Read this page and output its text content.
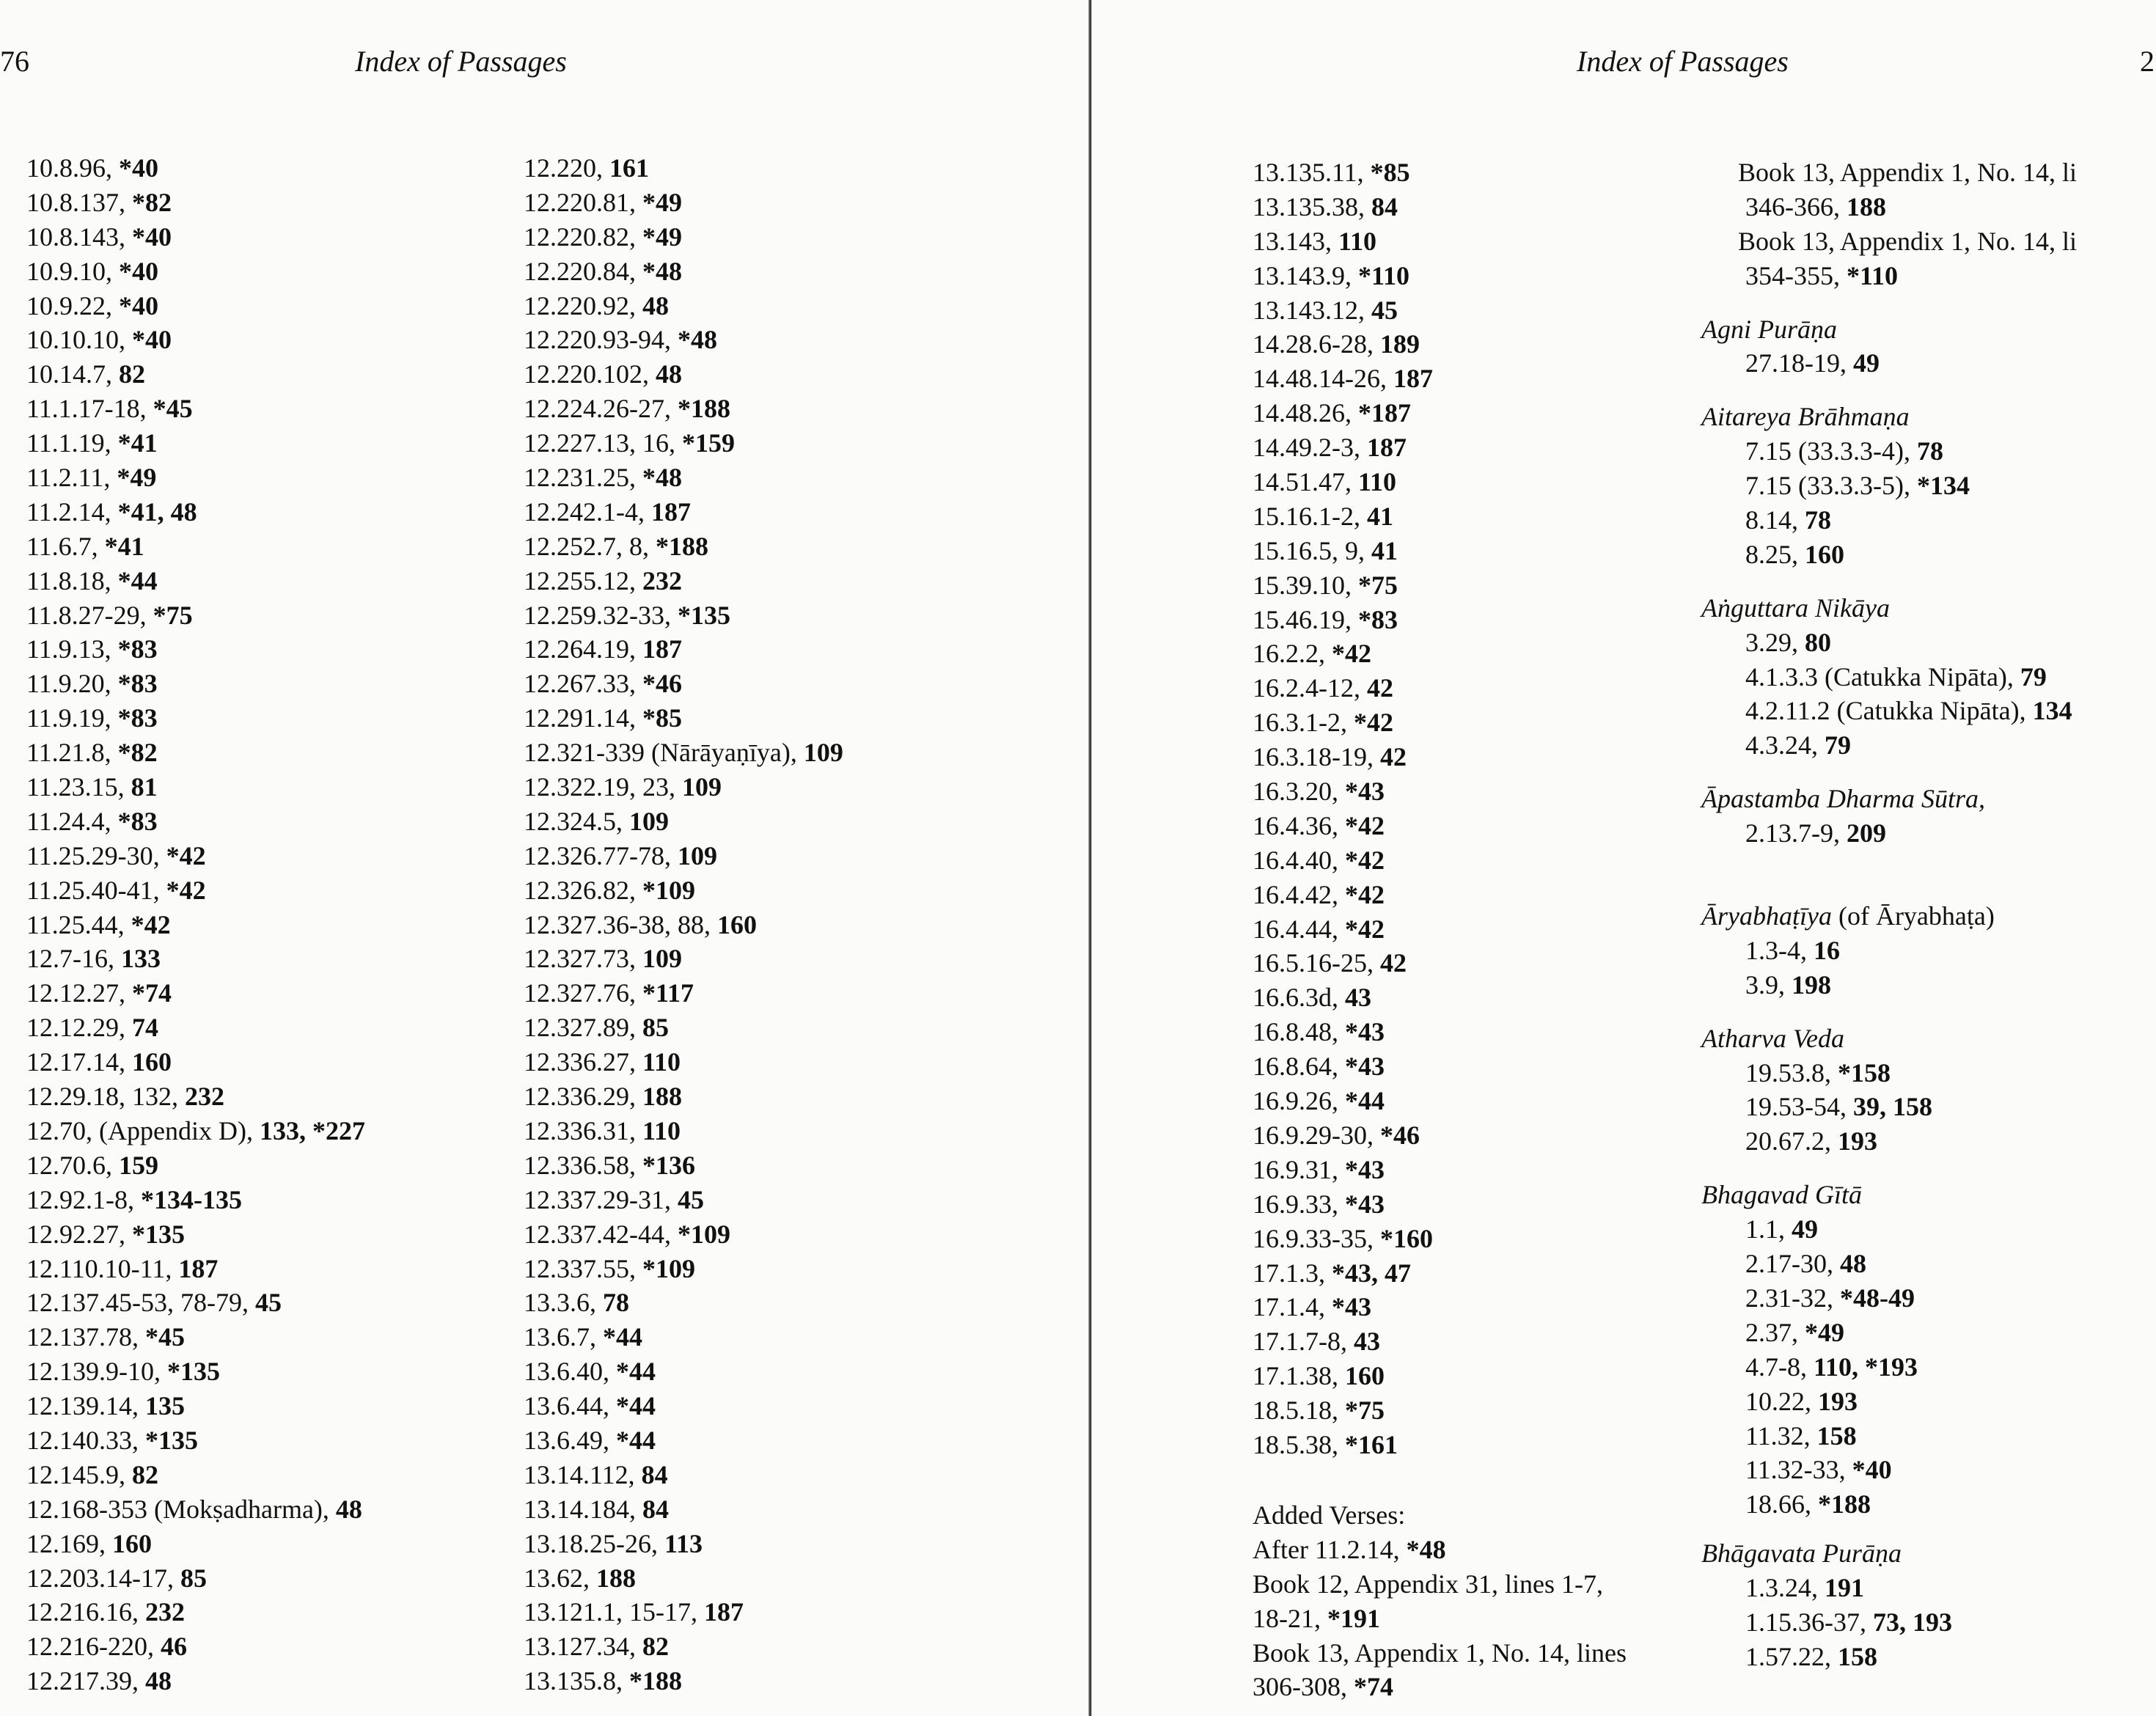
76	Index of Passages
10.8.96, *40
10.8.137, *82
10.8.143, *40
10.9.10, *40
10.9.22, *40
10.10.10, *40
10.14.7, 82
11.1.17-18, *45
11.1.19, *41
11.2.11, *49
11.2.14, *41, 48
11.6.7, *41
11.8.18, *44
11.8.27-29, *75
11.9.13, *83
11.9.20, *83
11.9.19, *83
11.21.8, *82
11.23.15, 81
11.24.4, *83
11.25.29-30, *42
11.25.40-41, *42
11.25.44, *42
12.7-16, 133
12.12.27, *74
12.12.29, 74
12.17.14, 160
12.29.18, 132, 232
12.70, (Appendix D), 133, *227
12.70.6, 159
12.92.1-8, *134-135
12.92.27, *135
12.110.10-11, 187
12.137.45-53, 78-79, 45
12.137.78, *45
12.139.9-10, *135
12.139.14, 135
12.140.33, *135
12.145.9, 82
12.168-353 (Mokṣadharma), 48
12.169, 160
12.203.14-17, 85
12.216.16, 232
12.216-220, 46
12.217.39, 48
12.220, 161
12.220.81, *49
12.220.82, *49
12.220.84, *48
12.220.92, 48
12.220.93-94, *48
12.220.102, 48
12.224.26-27, *188
12.227.13, 16, *159
12.231.25, *48
12.242.1-4, 187
12.252.7, 8, *188
12.255.12, 232
12.259.32-33, *135
12.264.19, 187
12.267.33, *46
12.291.14, *85
12.321-339 (Nārāyaṇīya), 109
12.322.19, 23, 109
12.324.5, 109
12.326.77-78, 109
12.326.82, *109
12.327.36-38, 88, 160
12.327.73, 109
12.327.76, *117
12.327.89, 85
12.336.27, 110
12.336.29, 188
12.336.31, 110
12.336.58, *136
12.337.29-31, 45
12.337.42-44, *109
12.337.55, *109
13.3.6, 78
13.6.7, *44
13.6.40, *44
13.6.44, *44
13.6.49, *44
13.14.112, 84
13.14.184, 84
13.18.25-26, 113
13.62, 188
13.121.1, 15-17, 187
13.127.34, 82
13.135.8, *188
Index of Passages	2
13.135.11, *85
13.135.38, 84
13.143, 110
13.143.9, *110
13.143.12, 45
14.28.6-28, 189
14.48.14-26, 187
14.48.26, *187
14.49.2-3, 187
14.51.47, 110
15.16.1-2, 41
15.16.5, 9, 41
15.39.10, *75
15.46.19, *83
16.2.2, *42
16.2.4-12, 42
16.3.1-2, *42
16.3.18-19, 42
16.3.20, *43
16.4.36, *42
16.4.40, *42
16.4.42, *42
16.4.44, *42
16.5.16-25, 42
16.6.3d, 43
16.8.48, *43
16.8.64, *43
16.9.26, *44
16.9.29-30, *46
16.9.31, *43
16.9.33, *43
16.9.33-35, *160
17.1.3, *43, 47
17.1.4, *43
17.1.7-8, 43
17.1.38, 160
18.5.18, *75
18.5.38, *161
Added Verses:
After 11.2.14, *48
Book 12, Appendix 31, lines 1-7,
18-21, *191
Book 13, Appendix 1, No. 14, lines
306-308, *74
Book 13, Appendix 1, No. 14, li
346-366, 188
Book 13, Appendix 1, No. 14, li
354-355, *110
Agni Purāṇa
27.18-19, 49
Aitareya Brāhmaṇa
7.15 (33.3.3-4), 78
7.15 (33.3.3-5), *134
8.14, 78
8.25, 160
Aṅguttara Nikāya
3.29, 80
4.1.3.3 (Catukka Nipāta), 79
4.2.11.2 (Catukka Nipāta), 134
4.3.24, 79
Āpastamba Dharma Sūtra,
2.13.7-9, 209
Āryabhaṭīya (of Āryabhaṭa)
1.3-4, 16
3.9, 198
Atharva Veda
19.53.8, *158
19.53-54, 39, 158
20.67.2, 193
Bhagavad Gītā
1.1, 49
2.17-30, 48
2.31-32, *48-49
2.37, *49
4.7-8, 110, *193
10.22, 193
11.32, 158
11.32-33, *40
18.66, *188
Bhāgavata Purāṇa
1.3.24, 191
1.15.36-37, 73, 193
1.57.22, 158
